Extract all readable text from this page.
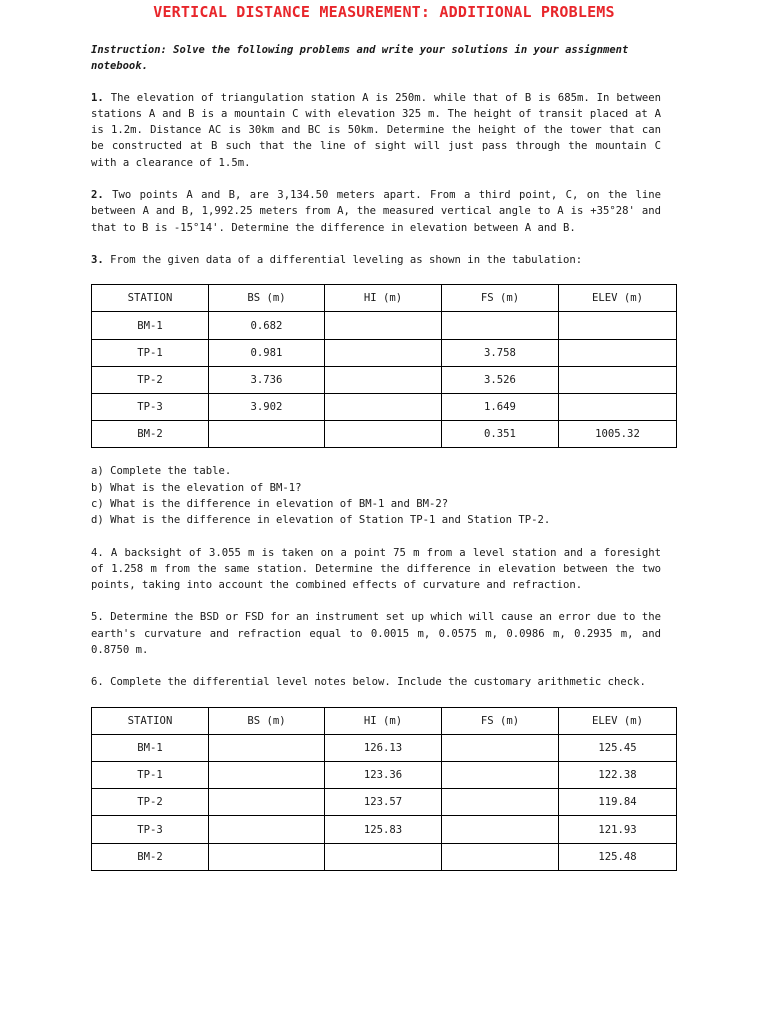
VERTICAL DISTANCE MEASUREMENT: ADDITIONAL PROBLEMS

Instruction: Solve the following problems and write your solutions in your assignment notebook.

1. The elevation of triangulation station A is 250m. while that of B is 685m. In between stations A and B is a mountain C with elevation 325 m. The height of transit placed at A is 1.2m. Distance AC is 30km and BC is 50km. Determine the height of the tower that can be constructed at B such that the line of sight will just pass through the mountain C with a clearance of 1.5m.

2. Two points A and B, are 3,134.50 meters apart. From a third point, C, on the line between A and B, 1,992.25 meters from A, the measured vertical angle to A is +35°28' and that to B is -15°14'. Determine the difference in elevation between A and B.

3. From the given data of a differential leveling as shown in the tabulation:

STATION	BS (m)	HI (m)	FS (m)	ELEV (m)
BM-1	0.682			
TP-1	0.981		3.758	
TP-2	3.736		3.526	
TP-3	3.902		1.649	
BM-2			0.351	1005.32
a) Complete the table.
b) What is the elevation of BM-1?
c) What is the difference in elevation of BM-1 and BM-2?
d) What is the difference in elevation of Station TP-1 and Station TP-2.

4. A backsight of 3.055 m is taken on a point 75 m from a level station and a foresight of 1.258 m from the same station. Determine the difference in elevation between the two points, taking into account the combined effects of curvature and refraction.

5. Determine the BSD or FSD for an instrument set up which will cause an error due to the earth's curvature and refraction equal to 0.0015 m, 0.0575 m, 0.0986 m, 0.2935 m, and 0.8750 m.

6. Complete the differential level notes below. Include the customary arithmetic check.

STATION	BS (m)	HI (m)	FS (m)	ELEV (m)
BM-1		126.13		125.45
TP-1		123.36		122.38
TP-2		123.57		119.84
TP-3		125.83		121.93
BM-2				125.48
